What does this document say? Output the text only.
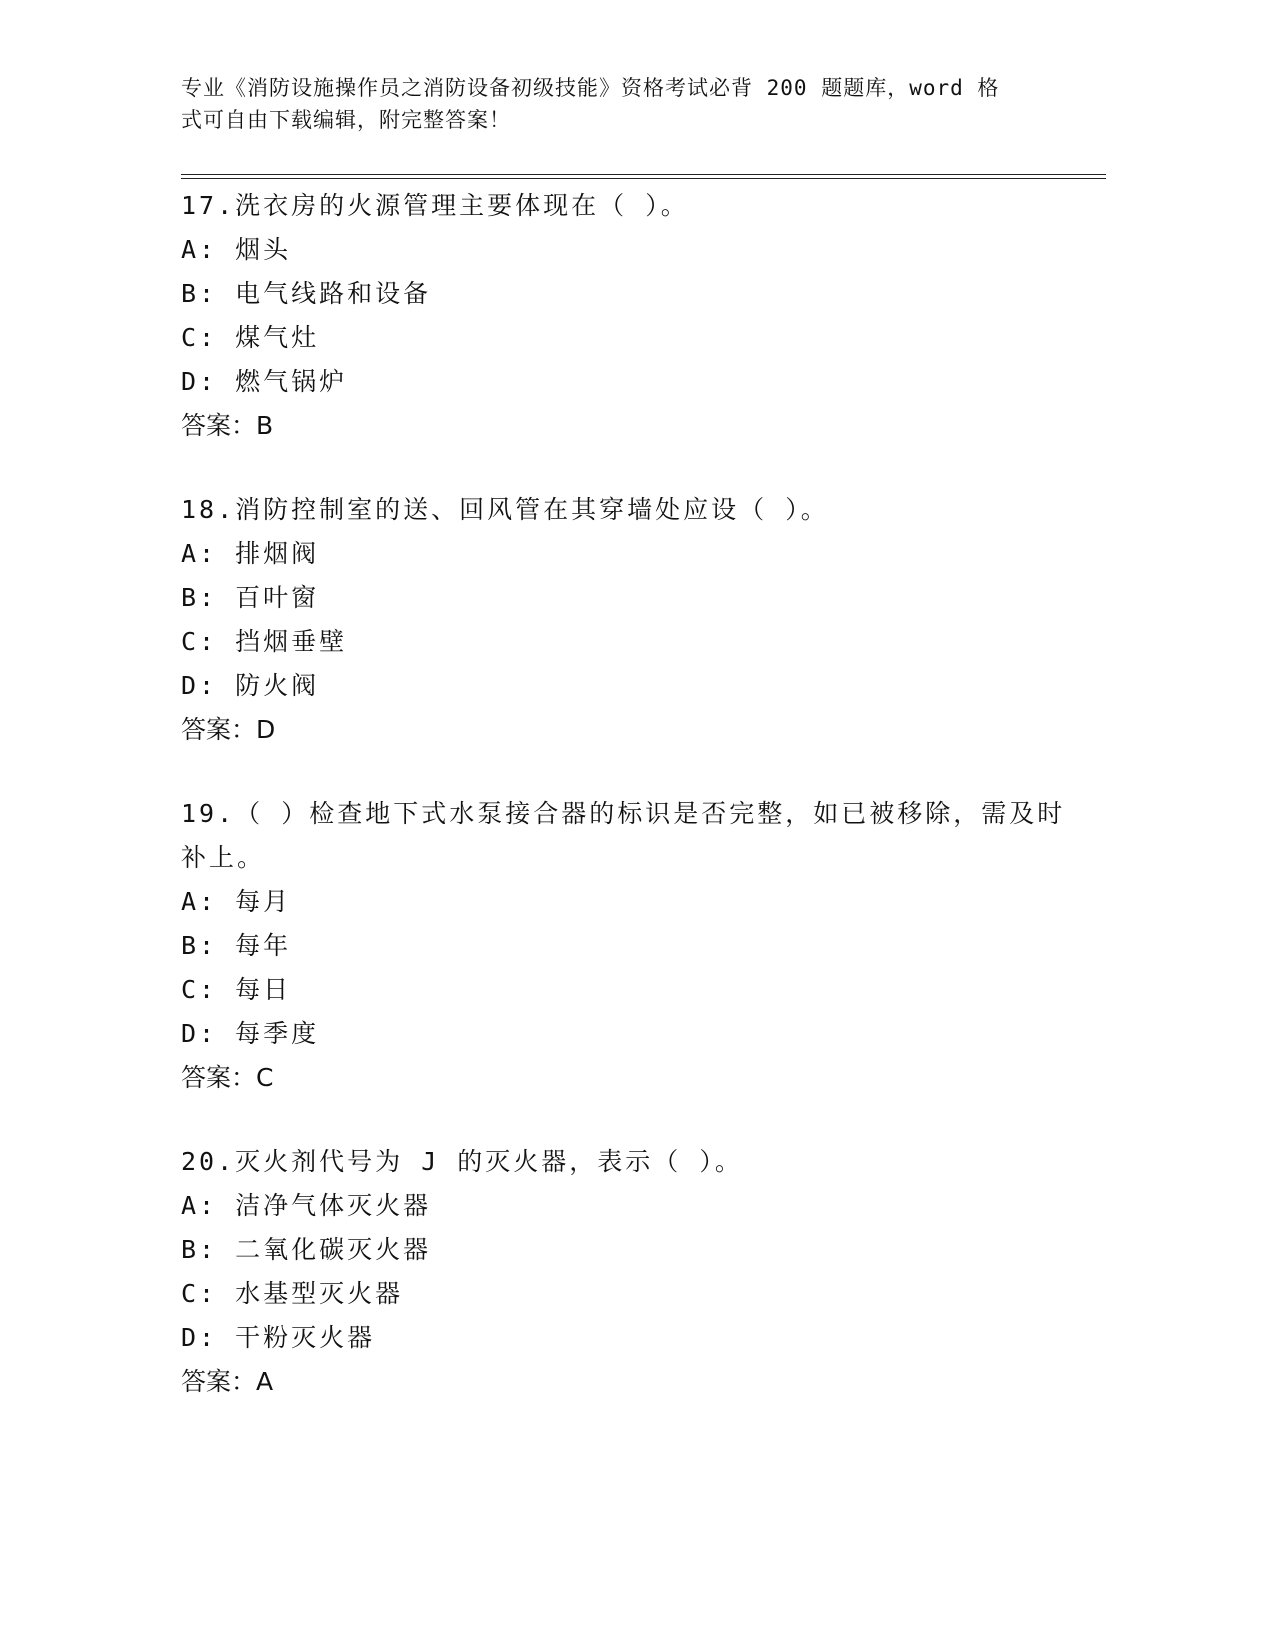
专业《消防设施操作员之消防设备初级技能》资格考试必背 200 题题库，word 格
式可自由下载编辑，附完整答案！
17.洗衣房的火源管理主要体现在（ ）。
A: 烟头
B: 电气线路和设备
C: 煤气灶
D: 燃气锅炉
答案：B
18.消防控制室的送、回风管在其穿墙处应设（ ）。
A: 排烟阀
B: 百叶窗
C: 挡烟垂壁
D: 防火阀
答案：D
19.（ ）检查地下式水泵接合器的标识是否完整，如已被移除，需及时补上。
A: 每月
B: 每年
C: 每日
D: 每季度
答案：C
20.灭火剂代号为 J 的灭火器，表示（ ）。
A: 洁净气体灭火器
B: 二氧化碳灭火器
C: 水基型灭火器
D: 干粉灭火器
答案：A
